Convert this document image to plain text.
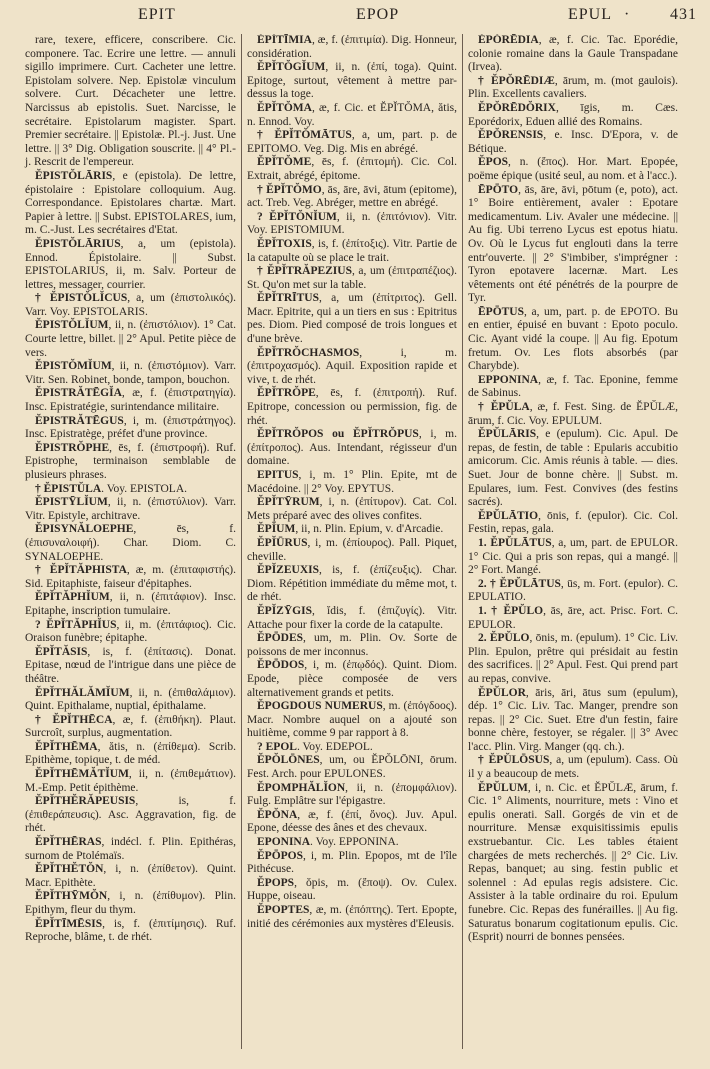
EPIT	EPOP	EPUL · 431

rare, texere, efficere, conscribere. Cic. componere. Tac. Ecrire une lettre. — annuli sigillo imprimere. Curt. Cacheter une lettre. Epistolam solvere. Nep. Epistolæ vinculum solvere. Curt. Décacheter une lettre. Narcissus ab epistolis. Suet. Narcisse, le secrétaire. Epistolarum magister. Spart. Premier secrétaire. || Epistolæ. Pl.-j. Just. Une lettre. || 3° Dig. Obligation souscrite. || 4° Pl.-j. Rescrit de l'empereur.

ĔPISTŎLĀRIS, e (epistola). De lettre, épistolaire : Epistolare colloquium. Aug. Correspondance. Epistolares chartæ. Mart. Papier à lettre. || Subst. EPISTOLARES, ium, m. C.-Just. Les secrétaires d'Etat.

ĔPISTŎLĀRIUS, a, um (epistola). Ennod. Épistolaire. || Subst. EPISTOLARIUS, ii, m. Salv. Porteur de lettres, messager, courrier.

† ĔPISTŎLĬCUS, a, um (ἐπιστολικός). Varr. Voy. EPISTOLARIS.

ĔPISTŎLĬUM, ii, n. (ἐπιστόλιον). 1° Cat. Courte lettre, billet. || 2° Apul. Petite pièce de vers.

ĔPISTŎMĬUM, ii, n. (ἐπιστόμιον). Varr. Vitr. Sen. Robinet, bonde, tampon, bouchon.

ĔPISTRĂTĒGĬA, æ, f. (ἐπιστρατηγία). Insc. Epistratégie, surintendance militaire.

ĔPISTRĂTĒGUS, i, m. (ἐπιστράτηγος). Insc. Epistratège, préfet d'une province.

ĔPISTRŎPHE, ēs, f. (ἐπιστροφή). Ruf. Epistrophe, terminaison semblable de plusieurs phrases.

† ĔPISTŬLA. Voy. EPISTOLA.

ĔPISTȲLĬUM, ii, n. (ἐπιστύλιον). Varr. Vitr. Epistyle, architrave.

ĔPISYNĂLOEPHE, ēs, f. (ἐπισυναλοιφή). Char. Diom. C. SYNALOEPHE.

† ĔPĬTĂPHISTA, æ, m. (ἐπιταφιστής). Sid. Epitaphiste, faiseur d'épitaphes.

ĔPĬTĂPHĬUM, ii, n. (ἐπιτάφιον). Insc. Epitaphe, inscription tumulaire.

? ĔPĬTĂPHĬUS, ii, m. (ἐπιτάφιος). Cic. Oraison funèbre; épitaphe.

ĔPĬTĂSIS, is, f. (ἐπίτασις). Donat. Epitase, nœud de l'intrigue dans une pièce de théâtre.

ĔPĬTHĂLĂMĬUM, ii, n. (ἐπιθαλάμιον). Quint. Epithalame, nuptial, épithalame.

† ĔPĬTHĒCA, æ, f. (ἐπιθήκη). Plaut. Surcroît, surplus, augmentation.

ĔPĬTHĒMA, ătis, n. (ἐπίθεμα). Scrib. Epithème, topique, t. de méd.

ĔPĬTHĒMĂTĬUM, ii, n. (ἐπιθεμάτιον). M.-Emp. Petit épithème.

ĔPĬTHĔRĂPEUSIS, is, f. (ἐπιθεράπευσις). Asc. Aggravation, fig. de rhét.

ĔPĬTHĒRAS, indécl. f. Plin. Epithéras, surnom de Ptolémaïs.

ĔPĬTHĔTŎN, i, n. (ἐπίθετον). Quint. Macr. Epithète.

ĔPĬTHȲMŎN, i, n. (ἐπίθυμον). Plin. Epithym, fleur du thym.

ĔPĬTĪMĒSIS, is, f. (ἐπιτίμησις). Ruf. Reproche, blâme, t. de rhét.

ĔPĬTĪMIA, æ, f. (ἐπιτιμία). Dig. Honneur, considération.

ĔPĬTŎGĬUM, ii, n. (ἐπί, toga). Quint. Epitoge, surtout, vêtement à mettre par-dessus la toge.

ĔPĬTŎMA, æ, f. Cic. et ĔPĬTŎMA, ătis, n. Ennod. Voy.

† ĔPĬTŎMĀTUS, a, um, part. p. de EPITOMO. Veg. Dig. Mis en abrégé.

ĔPĬTŎME, ēs, f. (ἐπιτομή). Cic. Col. Extrait, abrégé, épitome.

† ĔPĬTŎMO, ās, āre, āvi, ātum (epitome), act. Treb. Veg. Abréger, mettre en abrégé.

? ĔPĬTŎNĬUM, ii, n. (ἐπιτόνιον). Vitr. Voy. EPISTOMIUM.

ĔPĬTOXIS, is, f. (ἐπίτοξις). Vitr. Partie de la catapulte où se place le trait.

† ĔPĬTRĂPEZIUS, a, um (ἐπιτραπέζιος). St. Qu'on met sur la table.

ĔPĬTRĪTUS, a, um (ἐπίτριτος). Gell. Macr. Epitrite, qui a un tiers en sus : Epitritus pes. Diom. Pied composé de trois longues et d'une brève.

ĔPĬTRŎCHASMOS, i, m. (ἐπιτροχασμός). Aquil. Exposition rapide et vive, t. de rhét.

ĔPĬTRŎPE, ēs, f. (ἐπιτροπή). Ruf. Epitrope, concession ou permission, fig. de rhét.

ĔPĬTRŎPOS ou ĔPĬTRŎPUS, i, m. (ἐπίτροπος). Aus. Intendant, régisseur d'un domaine.

EPITUS, i, m. 1° Plin. Epite, mt de Macédoine. || 2° Voy. EPYTUS.

ĔPĬTȲRUM, i, n. (ἐπίτυρον). Cat. Col. Mets préparé avec des olives confites.

ĔPĬUM, ii, n. Plin. Epium, v. d'Arcadie.

ĔPĬŪRUS, i, m. (ἐπίουρος). Pall. Piquet, cheville.

ĔPĬZEUXIS, is, f. (ἐπίζευξις). Char. Diom. Répétition immédiate du même mot, t. de rhét.

ĔPĬZȲGIS, ĭdis, f. (ἐπιζυγίς). Vitr. Attache pour fixer la corde de la catapulte.

ĔPŌDES, um, m. Plin. Ov. Sorte de poissons de mer inconnus.

ĔPŌDOS, i, m. (ἐπῳδός). Quint. Diom. Epode, pièce composée de vers alternativement grands et petits.

ĔPOGDOUS NUMERUS, m. (ἐπόγδοος). Macr. Nombre auquel on a ajouté son huitième, comme 9 par rapport à 8.

? EPOL. Voy. EDEPOL.

ĔPŎLŌNES, um, ou ĔPŎLŌNI, ōrum. Fest. Arch. pour EPULONES.

ĔPOMPHĂLĬON, ii, n. (ἐπομφάλιον). Fulg. Emplâtre sur l'épigastre.

ĔPŎNA, æ, f. (ἐπί, ὄνος). Juv. Apul. Epone, déesse des ânes et des chevaux.

EPONINA. Voy. EPPONINA.

ĔPŌPOS, i, m. Plin. Epopos, mt de l'île Pithécuse.

ĔPOPS, ŏpis, m. (ἔποψ). Ov. Culex. Huppe, oiseau.

ĔPOPTES, æ, m. (ἐπόπτης). Tert. Epopte, initié des cérémonies aux mystères d'Eleusis.

ĔPŎRĒDIA, æ, f. Cic. Tac. Eporédie, colonie romaine dans la Gaule Transpadane (Irvea).

† ĔPŎRĒDIÆ, ārum, m. (mot gaulois). Plin. Excellents cavaliers.

ĔPŎRĒDŎRIX, īgis, m. Cæs. Eporédorix, Eduen allié des Romains.

ĔPŎRENSIS, e. Insc. D'Epora, v. de Bétique.

ĔPOS, n. (ἔπος). Hor. Mart. Epopée, poëme épique (usité seul, au nom. et à l'acc.).

ĒPŌTO, ās, āre, āvi, pōtum (e, poto), act. 1° Boire entièrement, avaler : Epotare medicamentum. Liv. Avaler une médecine. || Au fig. Ubi terreno Lycus est epotus hiatu. Ov. Où le Lycus fut englouti dans la terre entr'ouverte. || 2° S'imbiber, s'imprégner : Tyron epotavere lacernæ. Mart. Les vêtements ont été pénétrés de la pourpre de Tyr.

ĒPŌTUS, a, um, part. p. de EPOTO. Bu en entier, épuisé en buvant : Epoto poculo. Cic. Ayant vidé la coupe. || Au fig. Epotum fretum. Ov. Les flots absorbés (par Charybde).

EPPONINA, æ, f. Tac. Eponine, femme de Sabinus.

† ĔPŬLA, æ, f. Fest. Sing. de ĔPŬLÆ, ārum, f. Cic. Voy. EPULUM.

ĔPŬLĀRIS, e (epulum). Cic. Apul. De repas, de festin, de table : Epularis accubitio amicorum. Cic. Amis réunis à table. — dies. Suet. Jour de bonne chère. || Subst. m. Epulares, ium. Fest. Convives (des festins sacrés).

ĔPŬLĀTIO, ōnis, f. (epulor). Cic. Col. Festin, repas, gala.

1. ĔPŬLĀTUS, a, um, part. de EPULOR. 1° Cic. Qui a pris son repas, qui a mangé. || 2° Fort. Mangé.

2. † ĔPŬLĀTUS, ūs, m. Fort. (epulor). C. EPULATIO.

1. † ĔPŬLO, ās, āre, act. Prisc. Fort. C. EPULOR.

2. ĔPŬLO, ōnis, m. (epulum). 1° Cic. Liv. Plin. Epulon, prêtre qui présidait au festin des sacrifices. || 2° Apul. Fest. Qui prend part au repas, convive.

ĔPŬLOR, āris, āri, ātus sum (epulum), dép. 1° Cic. Liv. Tac. Manger, prendre son repas. || 2° Cic. Suet. Etre d'un festin, faire bonne chère, festoyer, se régaler. || 3° Avec l'acc. Plin. Virg. Manger (qq. ch.).

† ĔPŬLŌSUS, a, um (epulum). Cass. Où il y a beaucoup de mets.

ĔPŬLUM, i, n. Cic. et ĔPŬLÆ, ārum, f. Cic. 1° Aliments, nourriture, mets : Vino et epulis onerati. Sall. Gorgés de vin et de nourriture. Mensæ exquisitissimis epulis exstruebantur. Cic. Les tables étaient chargées de mets recherchés. || 2° Cic. Liv. Repas, banquet; au sing. festin public et solennel : Ad epulas regis adsistere. Cic. Assister à la table ordinaire du roi. Epulum funebre. Cic. Repas des funérailles. || Au fig. Saturatus bonarum cogitationum epulis. Cic. (Esprit) nourri de bonnes pensées.
